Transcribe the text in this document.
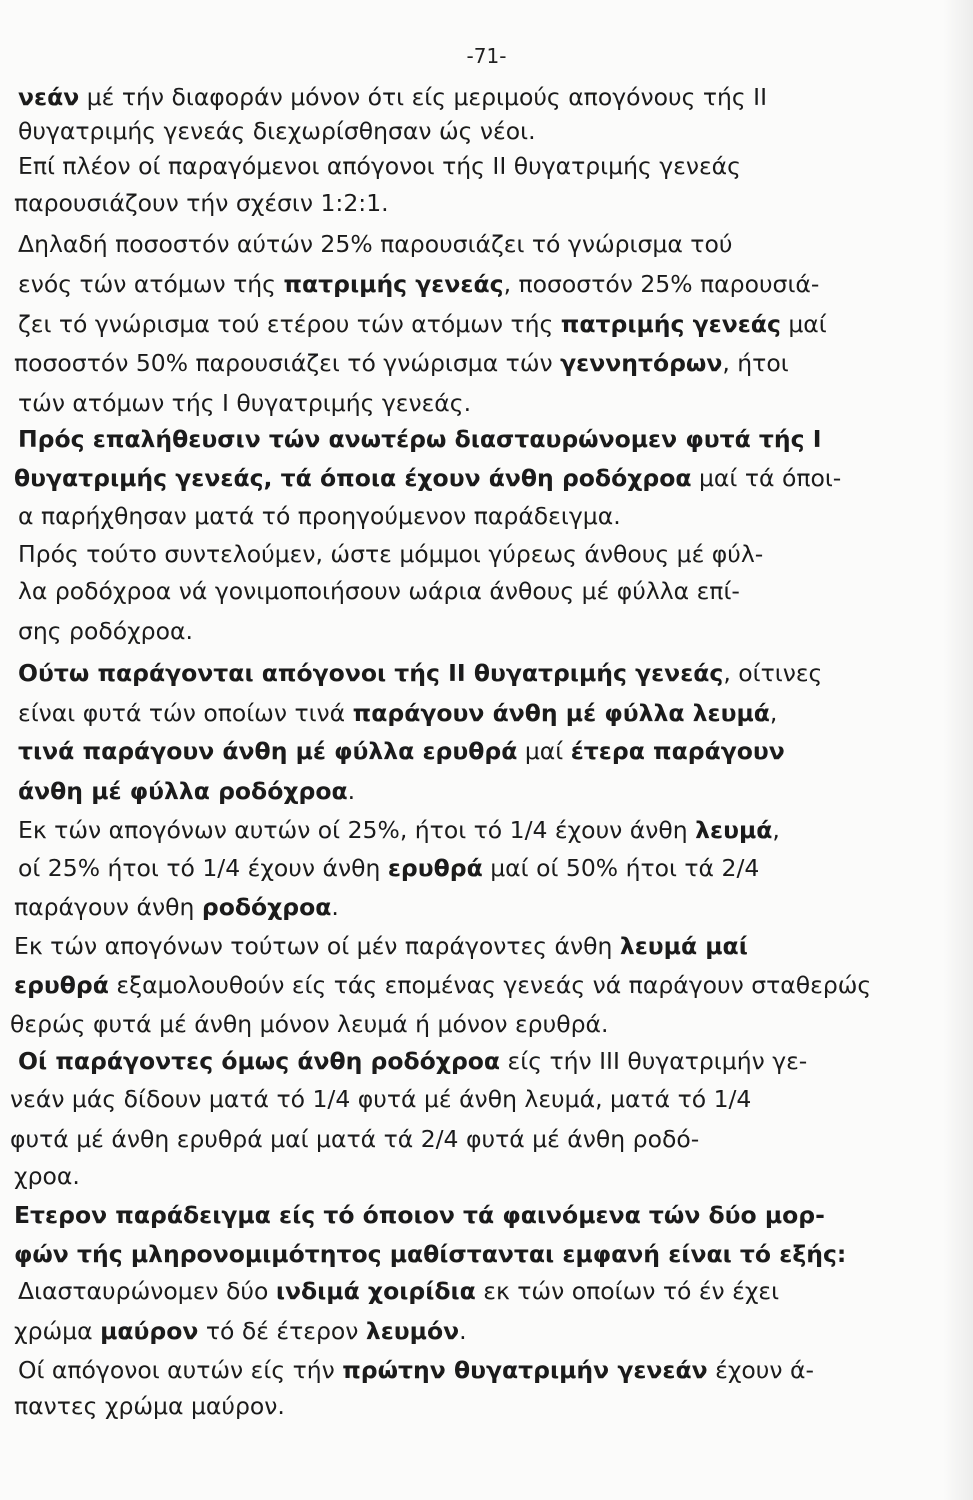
-71-
νεάν μέ τήν διαφοράν μόνον ότι είς μεριμούς απογόνους τής ΙΙ
θυγατριμής γενεάς διεχωρίσθησαν ώς νέοι.
Επί πλέον οί παραγόμενοι απόγονοι τής ΙΙ θυγατριμής γενεάς
παρουσιάζουν τήν σχέσιν 1:2:1.
Δηλαδή ποσοστόν αύτών 25% παρουσιάζει τό γνώρισμα τού
ενός τών ατόμων τής πατριμής γενεάς, ποσοστόν 25% παρουσιά-
ζει τό γνώρισμα τού ετέρου τών ατόμων τής πατριμής γενεάς μαί
ποσοστόν 50% παρουσιάζει τό γνώρισμα τών γεννητόρων, ήτοι
τών ατόμων τής Ι θυγατριμής γενεάς.
Πρός επαλήθευσιν τών ανωτέρω διασταυρώνομεν φυτά τής Ι
θυγατριμής γενεάς, τά όποια έχουν άνθη ροδόχροα μαί τά όποι-
α παρήχθησαν ματά τό προηγούμενον παράδειγμα.
Πρός τούτο συντελούμεν, ώστε μόμμοι γύρεως άνθους μέ φύλ-
λα ροδόχροα νά γονιμοποιήσουν ωάρια άνθους μέ φύλλα επί-
σης ροδόχροα.
Ούτω παράγονται απόγονοι τής ΙΙ θυγατριμής γενεάς, οίτινες
είναι φυτά τών οποίων τινά παράγουν άνθη μέ φύλλα λευμά,
τινά παράγουν άνθη μέ φύλλα ερυθρά μαί έτερα παράγουν
άνθη μέ φύλλα ροδόχροα.
Εκ τών απογόνων αυτών οί 25%, ήτοι τό 1/4 έχουν άνθη λευμά,
οί 25% ήτοι τό 1/4 έχουν άνθη ερυθρά μαί οί 50% ήτοι τά 2/4
παράγουν άνθη ροδόχροα.
Εκ τών απογόνων τούτων οί μέν παράγοντες άνθη λευμά μαί
ερυθρά εξαμολουθούν είς τάς επομένας γενεάς νά παράγουν σταθερώς
θερώς φυτά μέ άνθη μόνον λευμά ή μόνον ερυθρά.
Οί παράγοντες όμως άνθη ροδόχροα είς τήν ΙΙΙ θυγατριμήν γε-
νεάν μάς δίδουν ματά τό 1/4 φυτά μέ άνθη λευμά, ματά τό 1/4
φυτά μέ άνθη ερυθρά μαί ματά τά 2/4 φυτά μέ άνθη ροδό-
χροα.
Ετερον παράδειγμα είς τό όποιον τά φαινόμενα τών δύο μορ-
φών τής μληρονομιμότητος μαθίστανται εμφανή είναι τό εξής:
Διασταυρώνομεν δύο ινδιμά χοιρίδια εκ τών οποίων τό έν έχει
χρώμα μαύρον τό δέ έτερον λευμόν.
Οί απόγονοι αυτών είς τήν πρώτην θυγατριμήν γενεάν έχουν ά-
παντες χρώμα μαύρον.
